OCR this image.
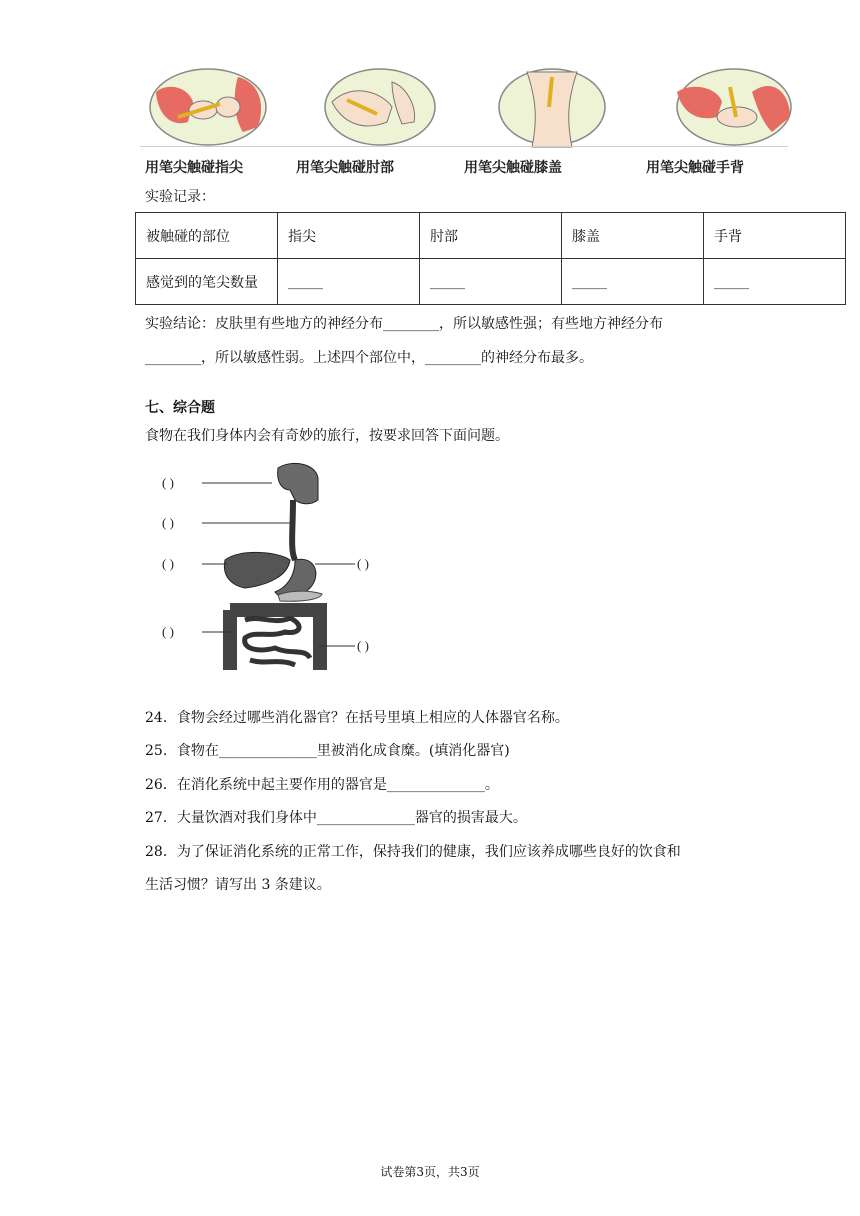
用笔尖触碰指尖	用笔尖触碰肘部	用笔尖触碰膝盖	用笔尖触碰手背
实验记录：
被触碰的部位	指尖	肘部	膝盖	手背
感觉到的笔尖数量	_____	_____	_____	_____
实验结论：皮肤里有些地方的神经分布________，所以敏感性强；有些地方神经分布
________，所以敏感性弱。上述四个部位中，________的神经分布最多。
七、综合题
食物在我们身体内会有奇妙的旅行，按要求回答下面问题。
( )
( )
( )	( )
( )
( )
24．食物会经过哪些消化器官？在括号里填上相应的人体器官名称。
25．食物在______________里被消化成食糜。(填消化器官)
26．在消化系统中起主要作用的器官是______________。
27．大量饮酒对我们身体中______________器官的损害最大。
28．为了保证消化系统的正常工作，保持我们的健康，我们应该养成哪些良好的饮食和
生活习惯？请写出 3 条建议。
试卷第3页，共3页
